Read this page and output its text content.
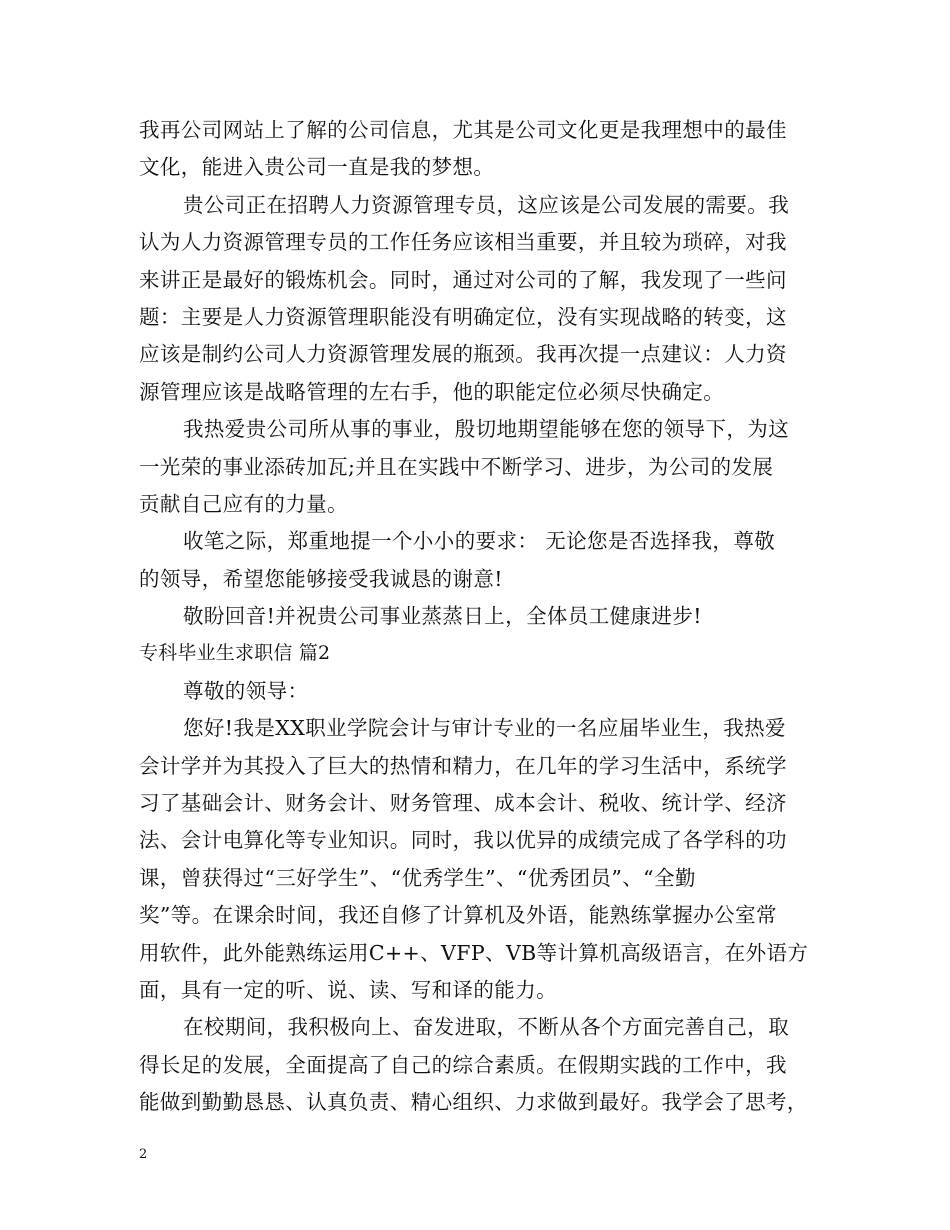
我再公司网站上了解的公司信息，尤其是公司文化更是我理想中的最佳
文化，能进入贵公司一直是我的梦想。
贵公司正在招聘人力资源管理专员，这应该是公司发展的需要。我
认为人力资源管理专员的工作任务应该相当重要，并且较为琐碎，对我
来讲正是最好的锻炼机会。同时，通过对公司的了解，我发现了一些问
题：主要是人力资源管理职能没有明确定位，没有实现战略的转变，这
应该是制约公司人力资源管理发展的瓶颈。我再次提一点建议：人力资
源管理应该是战略管理的左右手，他的职能定位必须尽快确定。
我热爱贵公司所从事的事业，殷切地期望能够在您的领导下，为这
一光荣的事业添砖加瓦;并且在实践中不断学习、进步，为公司的发展
贡献自己应有的力量。
收笔之际，郑重地提一个小小的要求： 无论您是否选择我，尊敬
的领导，希望您能够接受我诚恳的谢意!
敬盼回音!并祝贵公司事业蒸蒸日上，全体员工健康进步!
专科毕业生求职信 篇2
尊敬的领导：
您好!我是XX职业学院会计与审计专业的一名应届毕业生，我热爱
会计学并为其投入了巨大的热情和精力，在几年的学习生活中，系统学
习了基础会计、财务会计、财务管理、成本会计、税收、统计学、经济
法、会计电算化等专业知识。同时，我以优异的成绩完成了各学科的功
课，曾获得过“三好学生”、“优秀学生”、“优秀团员”、“全勤
奖”等。在课余时间，我还自修了计算机及外语，能熟练掌握办公室常
用软件，此外能熟练运用C++、VFP、VB等计算机高级语言，在外语方
面，具有一定的听、说、读、写和译的能力。
在校期间，我积极向上、奋发进取，不断从各个方面完善自己，取
得长足的发展，全面提高了自己的综合素质。在假期实践的工作中，我
能做到勤勤恳恳、认真负责、精心组织、力求做到最好。我学会了思考，
2
